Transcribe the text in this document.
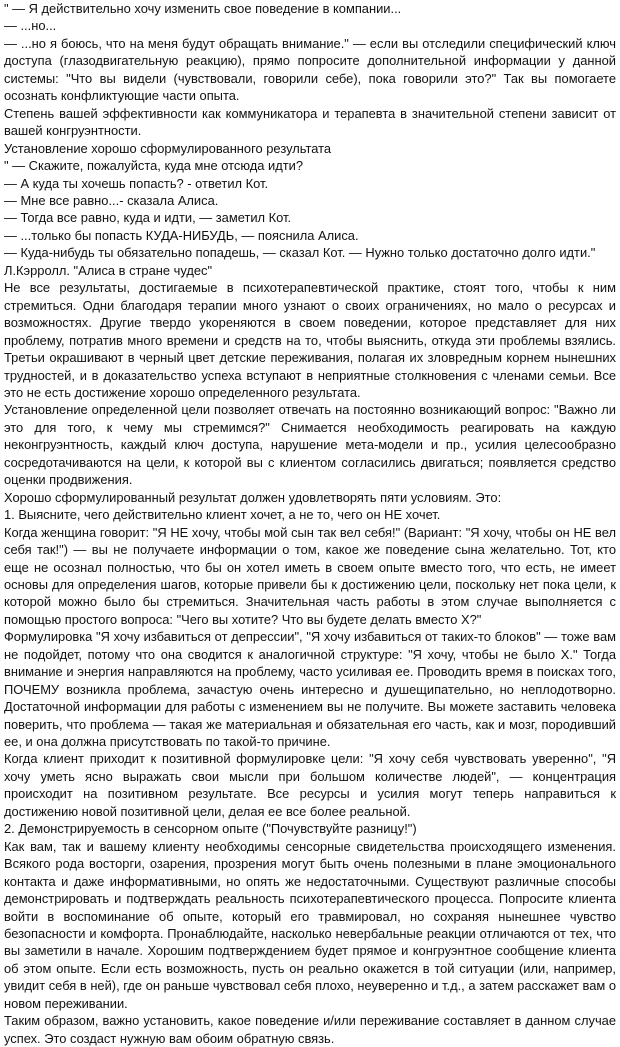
" — Я действительно хочу изменить свое поведение в компании...

— ...но...

— ...но я боюсь, что на меня будут обращать внимание." — если вы отследили специфический ключ доступа (глазодвигательную реакцию), прямо попросите дополнительной информации у данной системы: "Что вы видели (чувствовали, говорили себе), пока говорили это?" Так вы помогаете осознать конфликтующие части опыта.

Степень вашей эффективности как коммуникатора и терапевта в значительной степени зависит от вашей конгруэнтности.

Установление хорошо сформулированного результата

" — Скажите, пожалуйста, куда мне отсюда идти?

— А куда ты хочешь попасть? - ответил Кот.

— Мне все равно...- сказала Алиса.

— Тогда все равно, куда и идти, — заметил Кот.

— ...только бы попасть КУДА-НИБУДЬ, — пояснила Алиса.

— Куда-нибудь ты обязательно попадешь, — сказал Кот. — Нужно только достаточно долго идти."

Л.Кэрролл. "Алиса в стране чудес"

Не все результаты, достигаемые в психотерапевтической практике, стоят того, чтобы к ним стремиться. Одни благодаря терапии много узнают о своих ограничениях, но мало о ресурсах и возможностях. Другие твердо укореняются в своем поведении, которое представляет для них проблему, потратив много времени и средств на то, чтобы выяснить, откуда эти проблемы взялись. Третьи окрашивают в черный цвет детские переживания, полагая их зловредным корнем нынешних трудностей, и в доказательство успеха вступают в неприятные столкновения с членами семьи. Все это не есть достижение хорошо определенного результата.

Установление определенной цели позволяет отвечать на постоянно возникающий вопрос: "Важно ли это для того, к чему мы стремимся?" Снимается необходимость реагировать на каждую неконгруэнтность, каждый ключ доступа, нарушение мета-модели и пр., усилия целесообразно сосредотачиваются на цели, к которой вы с клиентом согласились двигаться; появляется средство оценки продвижения.

Хорошо сформулированный результат должен удовлетворять пяти условиям. Это:

1. Выясните, чего действительно клиент хочет, а не то, чего он НЕ хочет.

Когда женщина говорит: "Я НЕ хочу, чтобы мой сын так вел себя!" (Вариант: "Я хочу, чтобы он НЕ вел себя так!") — вы не получаете информации о том, какое же поведение сына желательно. Тот, кто еще не осознал полностью, что бы он хотел иметь в своем опыте вместо того, что есть, не имеет основы для определения шагов, которые привели бы к достижению цели, поскольку нет пока цели, к которой можно было бы стремиться. Значительная часть работы в этом случае выполняется с помощью простого вопроса: "Чего вы хотите? Что вы будете делать вместо X?"

Формулировка "Я хочу избавиться от депрессии", "Я хочу избавиться от таких-то блоков" — тоже вам не подойдет, потому что она сводится к аналогичной структуре: "Я хочу, чтобы не было X." Тогда внимание и энергия направляются на проблему, часто усиливая ее. Проводить время в поисках того, ПОЧЕМУ возникла проблема, зачастую очень интересно и душещипательно, но неплодотворно. Достаточной информации для работы с изменением вы не получите. Вы можете заставить человека поверить, что проблема — такая же материальная и обязательная его часть, как и мозг, породивший ее, и она должна присутствовать по такой-то причине.

Когда клиент приходит к позитивной формулировке цели: "Я хочу себя чувствовать уверенно", "Я хочу уметь ясно выражать свои мысли при большом количестве людей", — концентрация происходит на позитивном результате. Все ресурсы и усилия могут теперь направиться к достижению новой позитивной цели, делая ее все более реальной.

2. Демонстрируемость в сенсорном опыте ("Почувствуйте разницу!")

Как вам, так и вашему клиенту необходимы сенсорные свидетельства происходящего изменения. Всякого рода восторги, озарения, прозрения могут быть очень полезными в плане эмоционального контакта и даже информативными, но опять же недостаточными. Существуют различные способы демонстрировать и подтверждать реальность психотерапевтического процесса. Попросите клиента войти в воспоминание об опыте, который его травмировал, но сохраняя нынешнее чувство безопасности и комфорта. Пронаблюдайте, насколько невербальные реакции отличаются от тех, что вы заметили в начале. Хорошим подтверждением будет прямое и конгруэнтное сообщение клиента об этом опыте. Если есть возможность, пусть он реально окажется в той ситуации (или, например, увидит себя в ней), где он раньше чувствовал себя плохо, неуверенно и т.д., а затем расскажет вам о новом переживании.

Таким образом, важно установить, какое поведение и/или переживание составляет в данном случае успех. Это создаст нужную вам обоим обратную связь.
